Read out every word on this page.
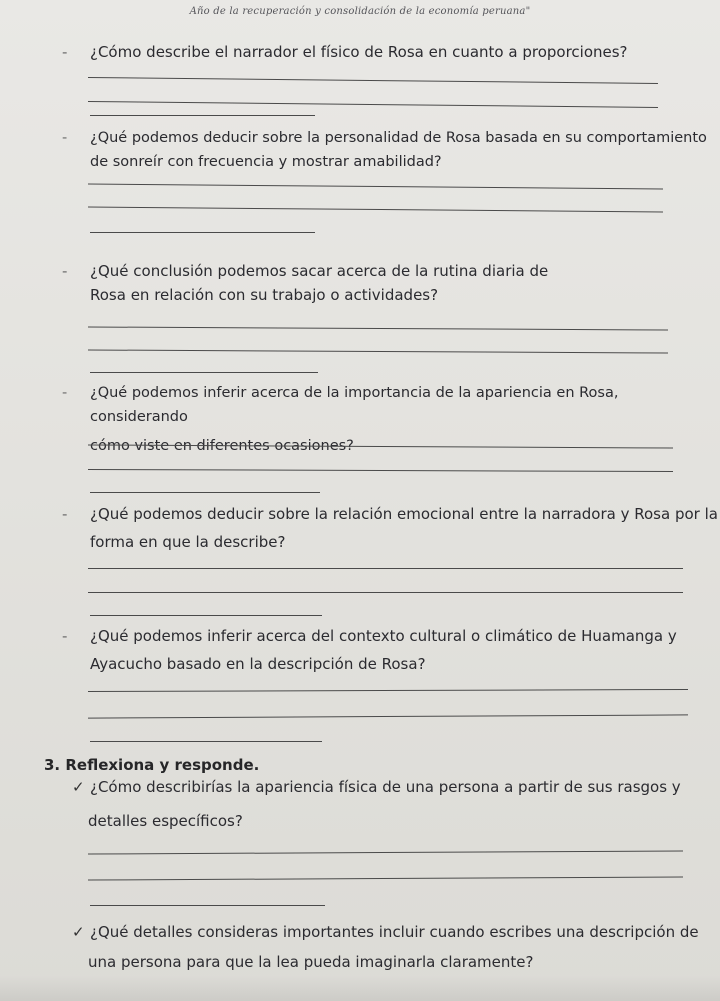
Año de la recuperación y consolidación de la economía peruana"
-	¿Cómo describe el narrador el físico de Rosa en cuanto a proporciones?
-	¿Qué podemos deducir sobre la personalidad de Rosa basada en su comportamiento
de sonreír con frecuencia y mostrar amabilidad?
-	¿Qué conclusión podemos sacar acerca de la rutina diaria de
Rosa en relación con su trabajo o actividades?
-	¿Qué podemos inferir acerca de la importancia de la apariencia en Rosa, considerando
cómo viste en diferentes ocasiones?
-	¿Qué podemos deducir sobre la relación emocional entre la narradora y Rosa por la
forma en que la describe?
-	¿Qué podemos inferir acerca del contexto cultural o climático de Huamanga y
Ayacucho basado en la descripción de Rosa?
3. Reflexiona y responde.
✓ ¿Cómo describirías la apariencia física de una persona a partir de sus rasgos y
detalles específicos?
✓ ¿Qué detalles consideras importantes incluir cuando escribes una descripción de
una persona para que la lea pueda imaginarla claramente?
